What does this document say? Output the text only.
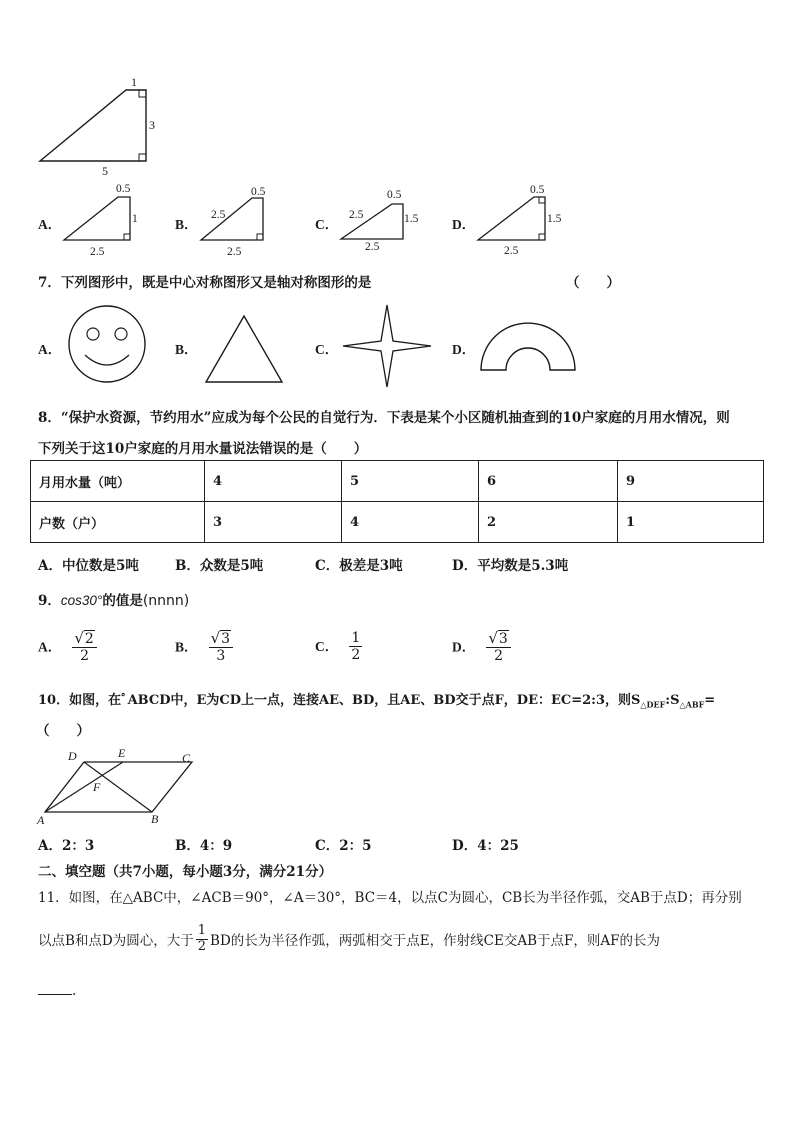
1
3
5
A．
0.5
1
2.5
B．
0.5
2.5
2.5
C．
0.5
2.5	1.5
2.5
D．
0.5
1.5
2.5
7．下列图形中，既是中心对称图形又是轴对称图形的是	（　　）
A．	B．	C．	D．
8．“保护水资源，节约用水”应成为每个公民的自觉行为．下表是某个小区随机抽查到的10户家庭的月用水情况，则
下列关于这10户家庭的月用水量说法错误的是（　　）
月用水量（吨）	4	5	6	9
户数（户）	3	4	2	1
A．中位数是5吨	B．众数是5吨	C．极差是3吨	D．平均数是5.3吨
9．cos30°的值是(nnnn)
A． $\frac{√ 2}{2}$	B． $\frac{√ 3}{3}$	C． $\frac{1}{2}$	D． $\frac{√ 3}{2}$
10．如图，在ﾟABCD中，E为CD上一点，连接AE、BD，且AE、BD交于点F，DE：EC=2:3，则$S_{\triangle DEF}:S_{\triangle ABF}=$
（　　）
D	E	C
F
A	B
A．2：3	B．4：9	C．2：5	D．4：25
二、填空题（共7小题，每小题3分，满分21分）
11．如图，在△ABC中，∠ACB＝90°，∠A＝30°，BC＝4，以点C为圆心，CB长为半径作弧，交AB于点D；再分别
以点B和点D为圆心，大于 $\frac{1}{2}$ BD的长为半径作弧，两弧相交于点E，作射线CE交AB于点F，则AF的长为
.
